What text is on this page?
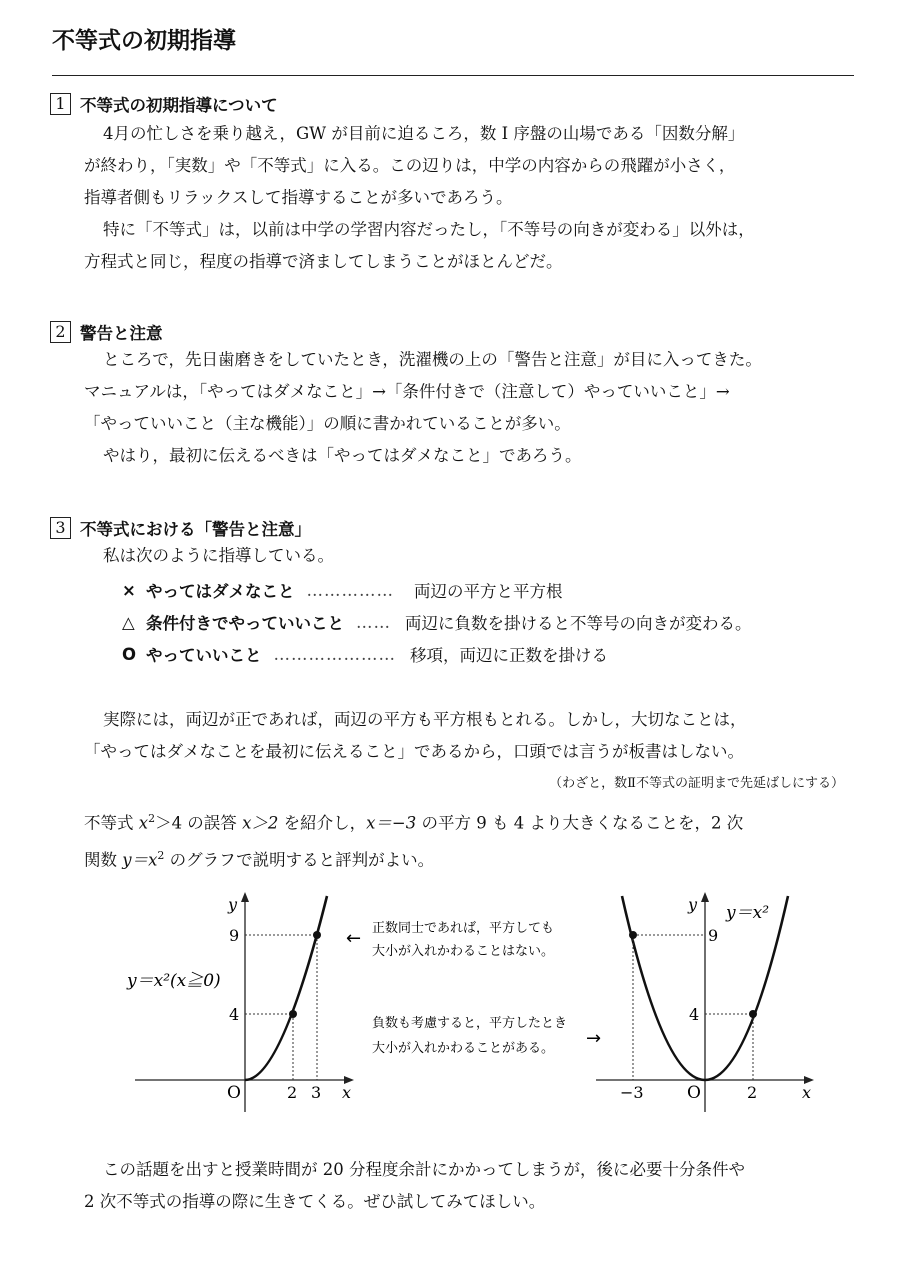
不等式の初期指導
1 不等式の初期指導について

4月の忙しさを乗り越え，GW が目前に迫るころ，数 I 序盤の山場である「因数分解」

が終わり，「実数」や「不等式」に入る。この辺りは，中学の内容からの飛躍が小さく，

指導者側もリラックスして指導することが多いであろう。

特に「不等式」は，以前は中学の学習内容だったし，「不等号の向きが変わる」以外は，

方程式と同じ，程度の指導で済ましてしまうことがほとんどだ。

2 警告と注意

ところで，先日歯磨きをしていたとき，洗濯機の上の「警告と注意」が目に入ってきた。

マニュアルは，「やってはダメなこと」→「条件付きで（注意して）やっていいこと」→

「やっていいこと（主な機能）」の順に書かれていることが多い。

やはり，最初に伝えるべきは「やってはダメなこと」であろう。

3 不等式における「警告と注意」

私は次のように指導している。

× やってはダメなこと …………… 両辺の平方と平方根
△ 条件付きでやっていいこと …… 両辺に負数を掛けると不等号の向きが変わる。
O やっていいこと ………………… 移項，両辺に正数を掛ける

実際には，両辺が正であれば，両辺の平方も平方根もとれる。しかし，大切なことは，

「やってはダメなことを最初に伝えること」であるから，口頭では言うが板書はしない。

（わざと，数Ⅱ不等式の証明まで先延ばしにする）

不等式 $x^2>4$ の誤答 x＞2 を紹介し，x＝−3 の平方 9 も 4 より大きくなることを，2 次

関数 $y=x^2$ のグラフで説明すると評判がよい。

y
x
O
9
4
2 3
y＝x²(x≧0)
← 正数同士であれば，平方しても
大小が入れかわることはない。
負数も考慮すると，平方したとき
大小が入れかわることがある。 →
y
x
O
9
4
−3	2
y＝x²

この話題を出すと授業時間が 20 分程度余計にかかってしまうが，後に必要十分条件や

2 次不等式の指導の際に生きてくる。ぜひ試してみてほしい。
